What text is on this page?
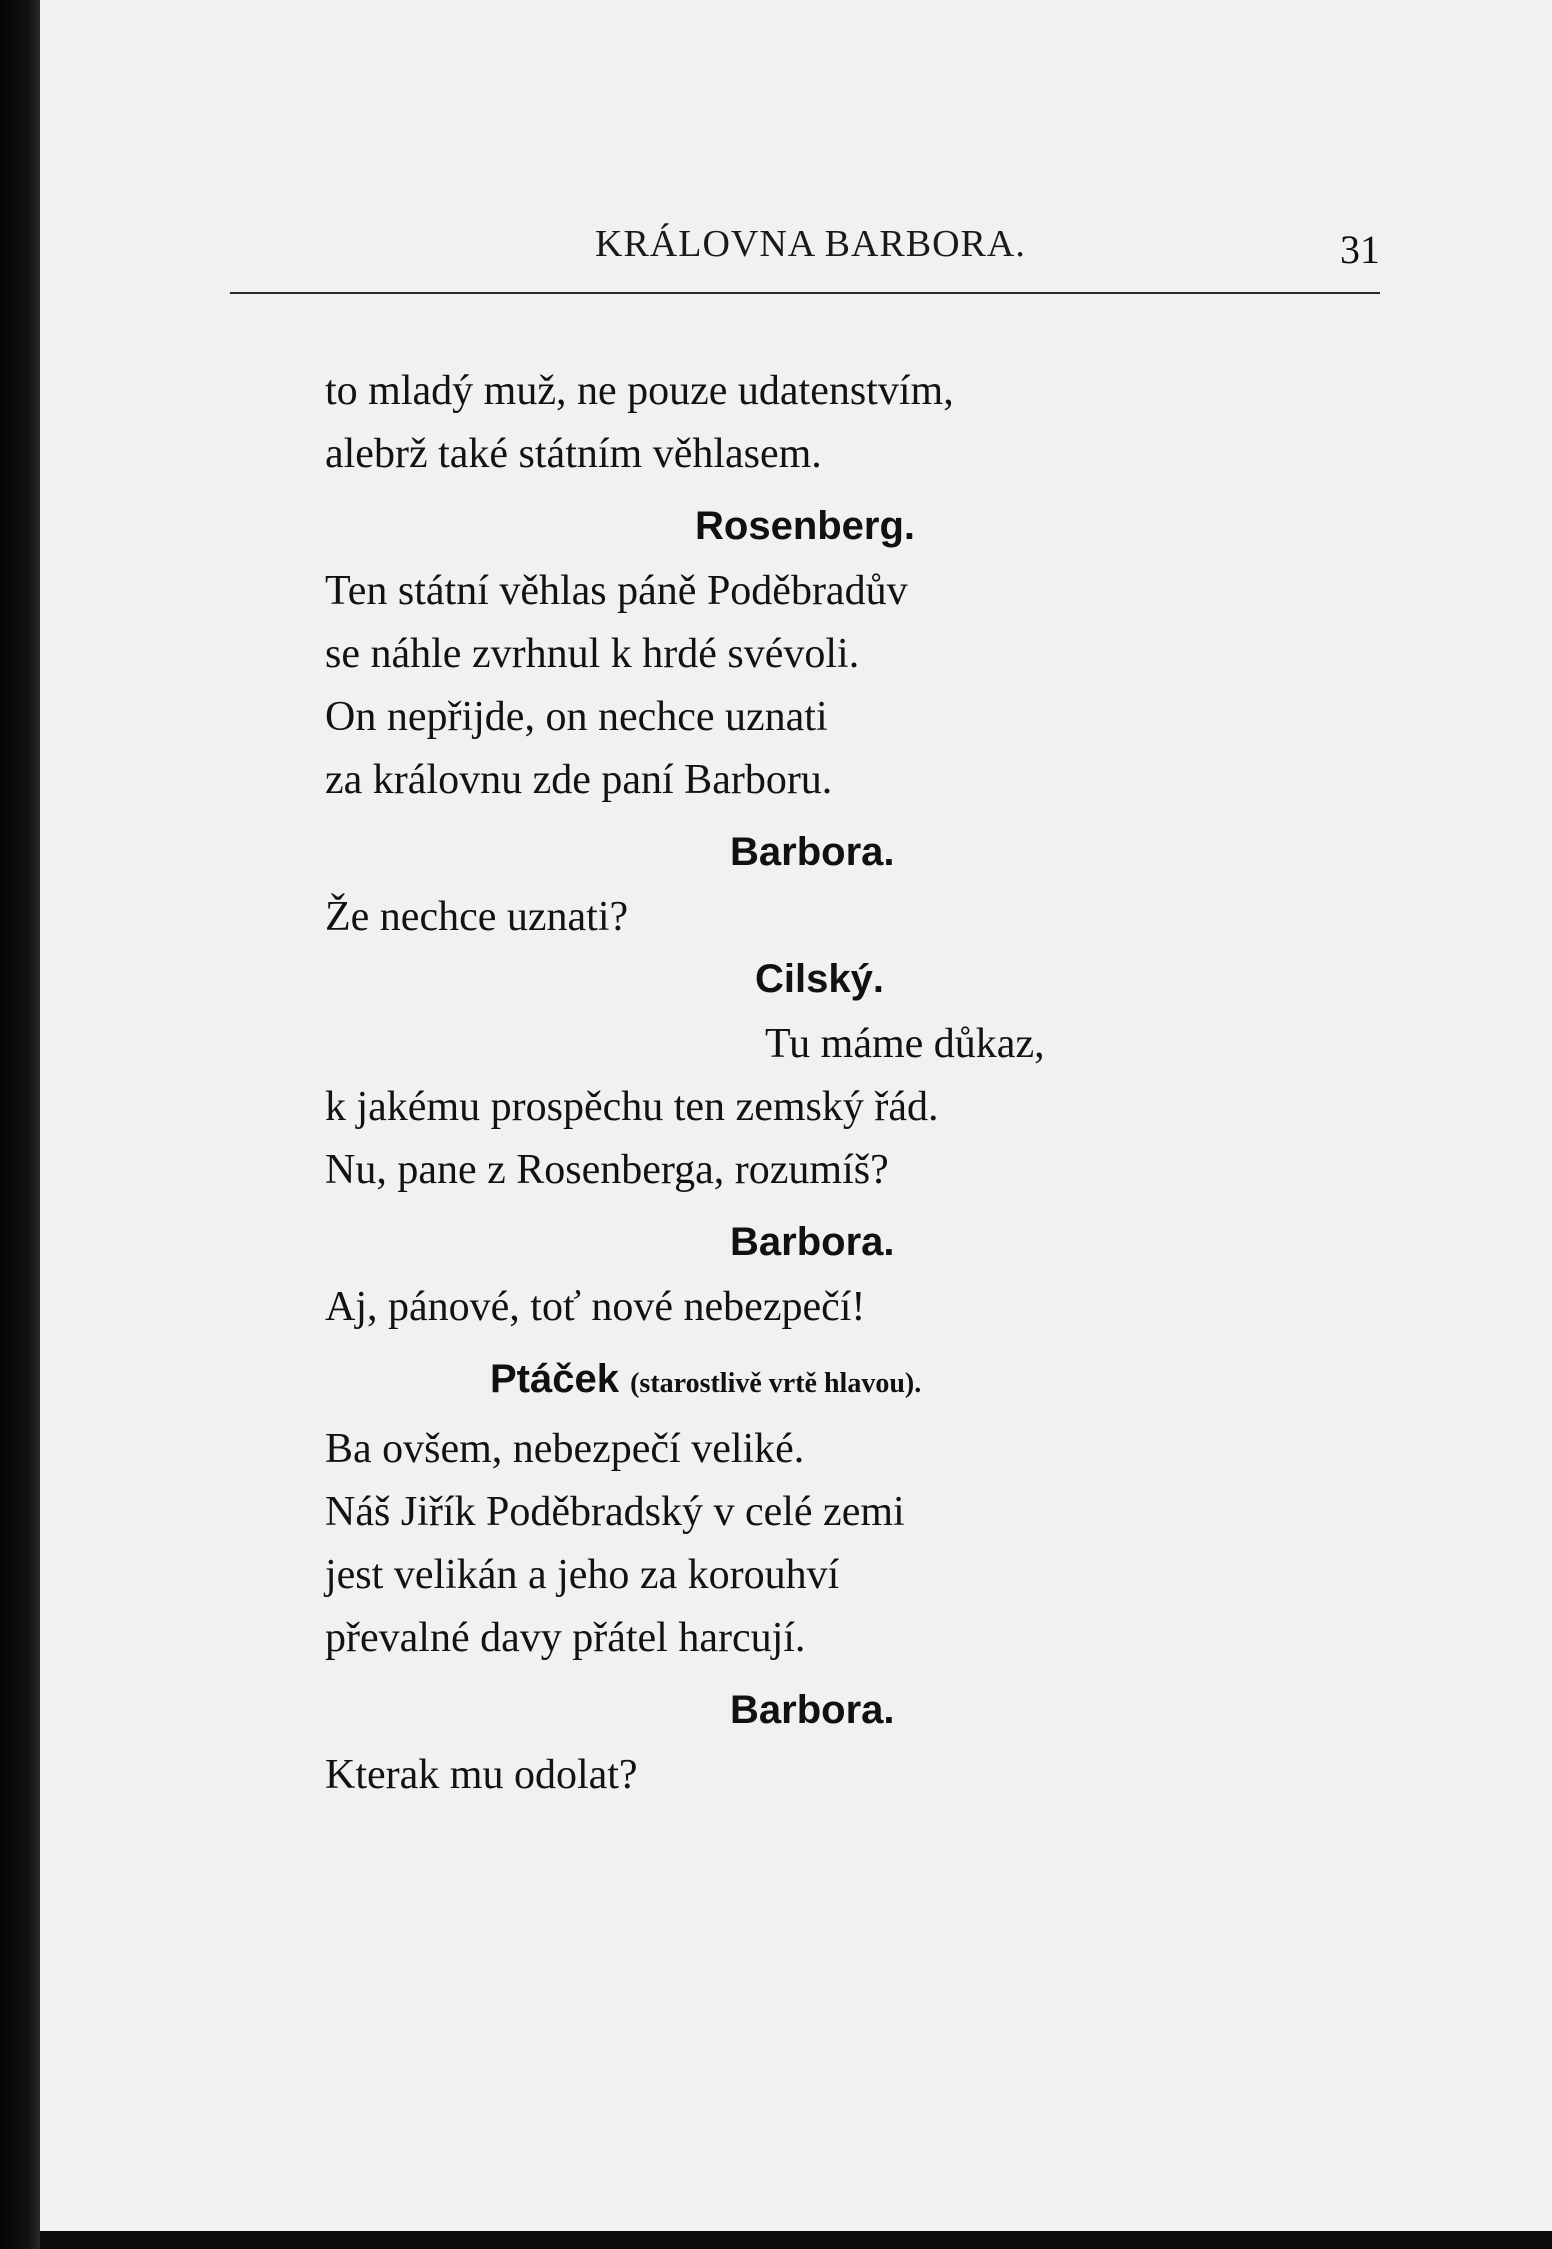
KRÁLOVNA BARBORA.	31
to mladý muž, ne pouze udatenstvím,
alebrž také státním věhlasem.
Rosenberg.
Ten státní věhlas páně Poděbradův
se náhle zvrhnul k hrdé svévoli.
On nepřijde, on nechce uznati
za královnu zde paní Barboru.
Barbora.
Že nechce uznati?
Cilský.
Tu máme důkaz,
k jakému prospěchu ten zemský řád.
Nu, pane z Rosenberga, rozumíš?
Barbora.
Aj, pánové, toť nové nebezpečí!
Ptáček (starostlivě vrtě hlavou).
Ba ovšem, nebezpečí veliké.
Náš Jiřík Poděbradský v celé zemi
jest velikán a jeho za korouhví
převalné davy přátel harcují.
Barbora.
Kterak mu odolat?
